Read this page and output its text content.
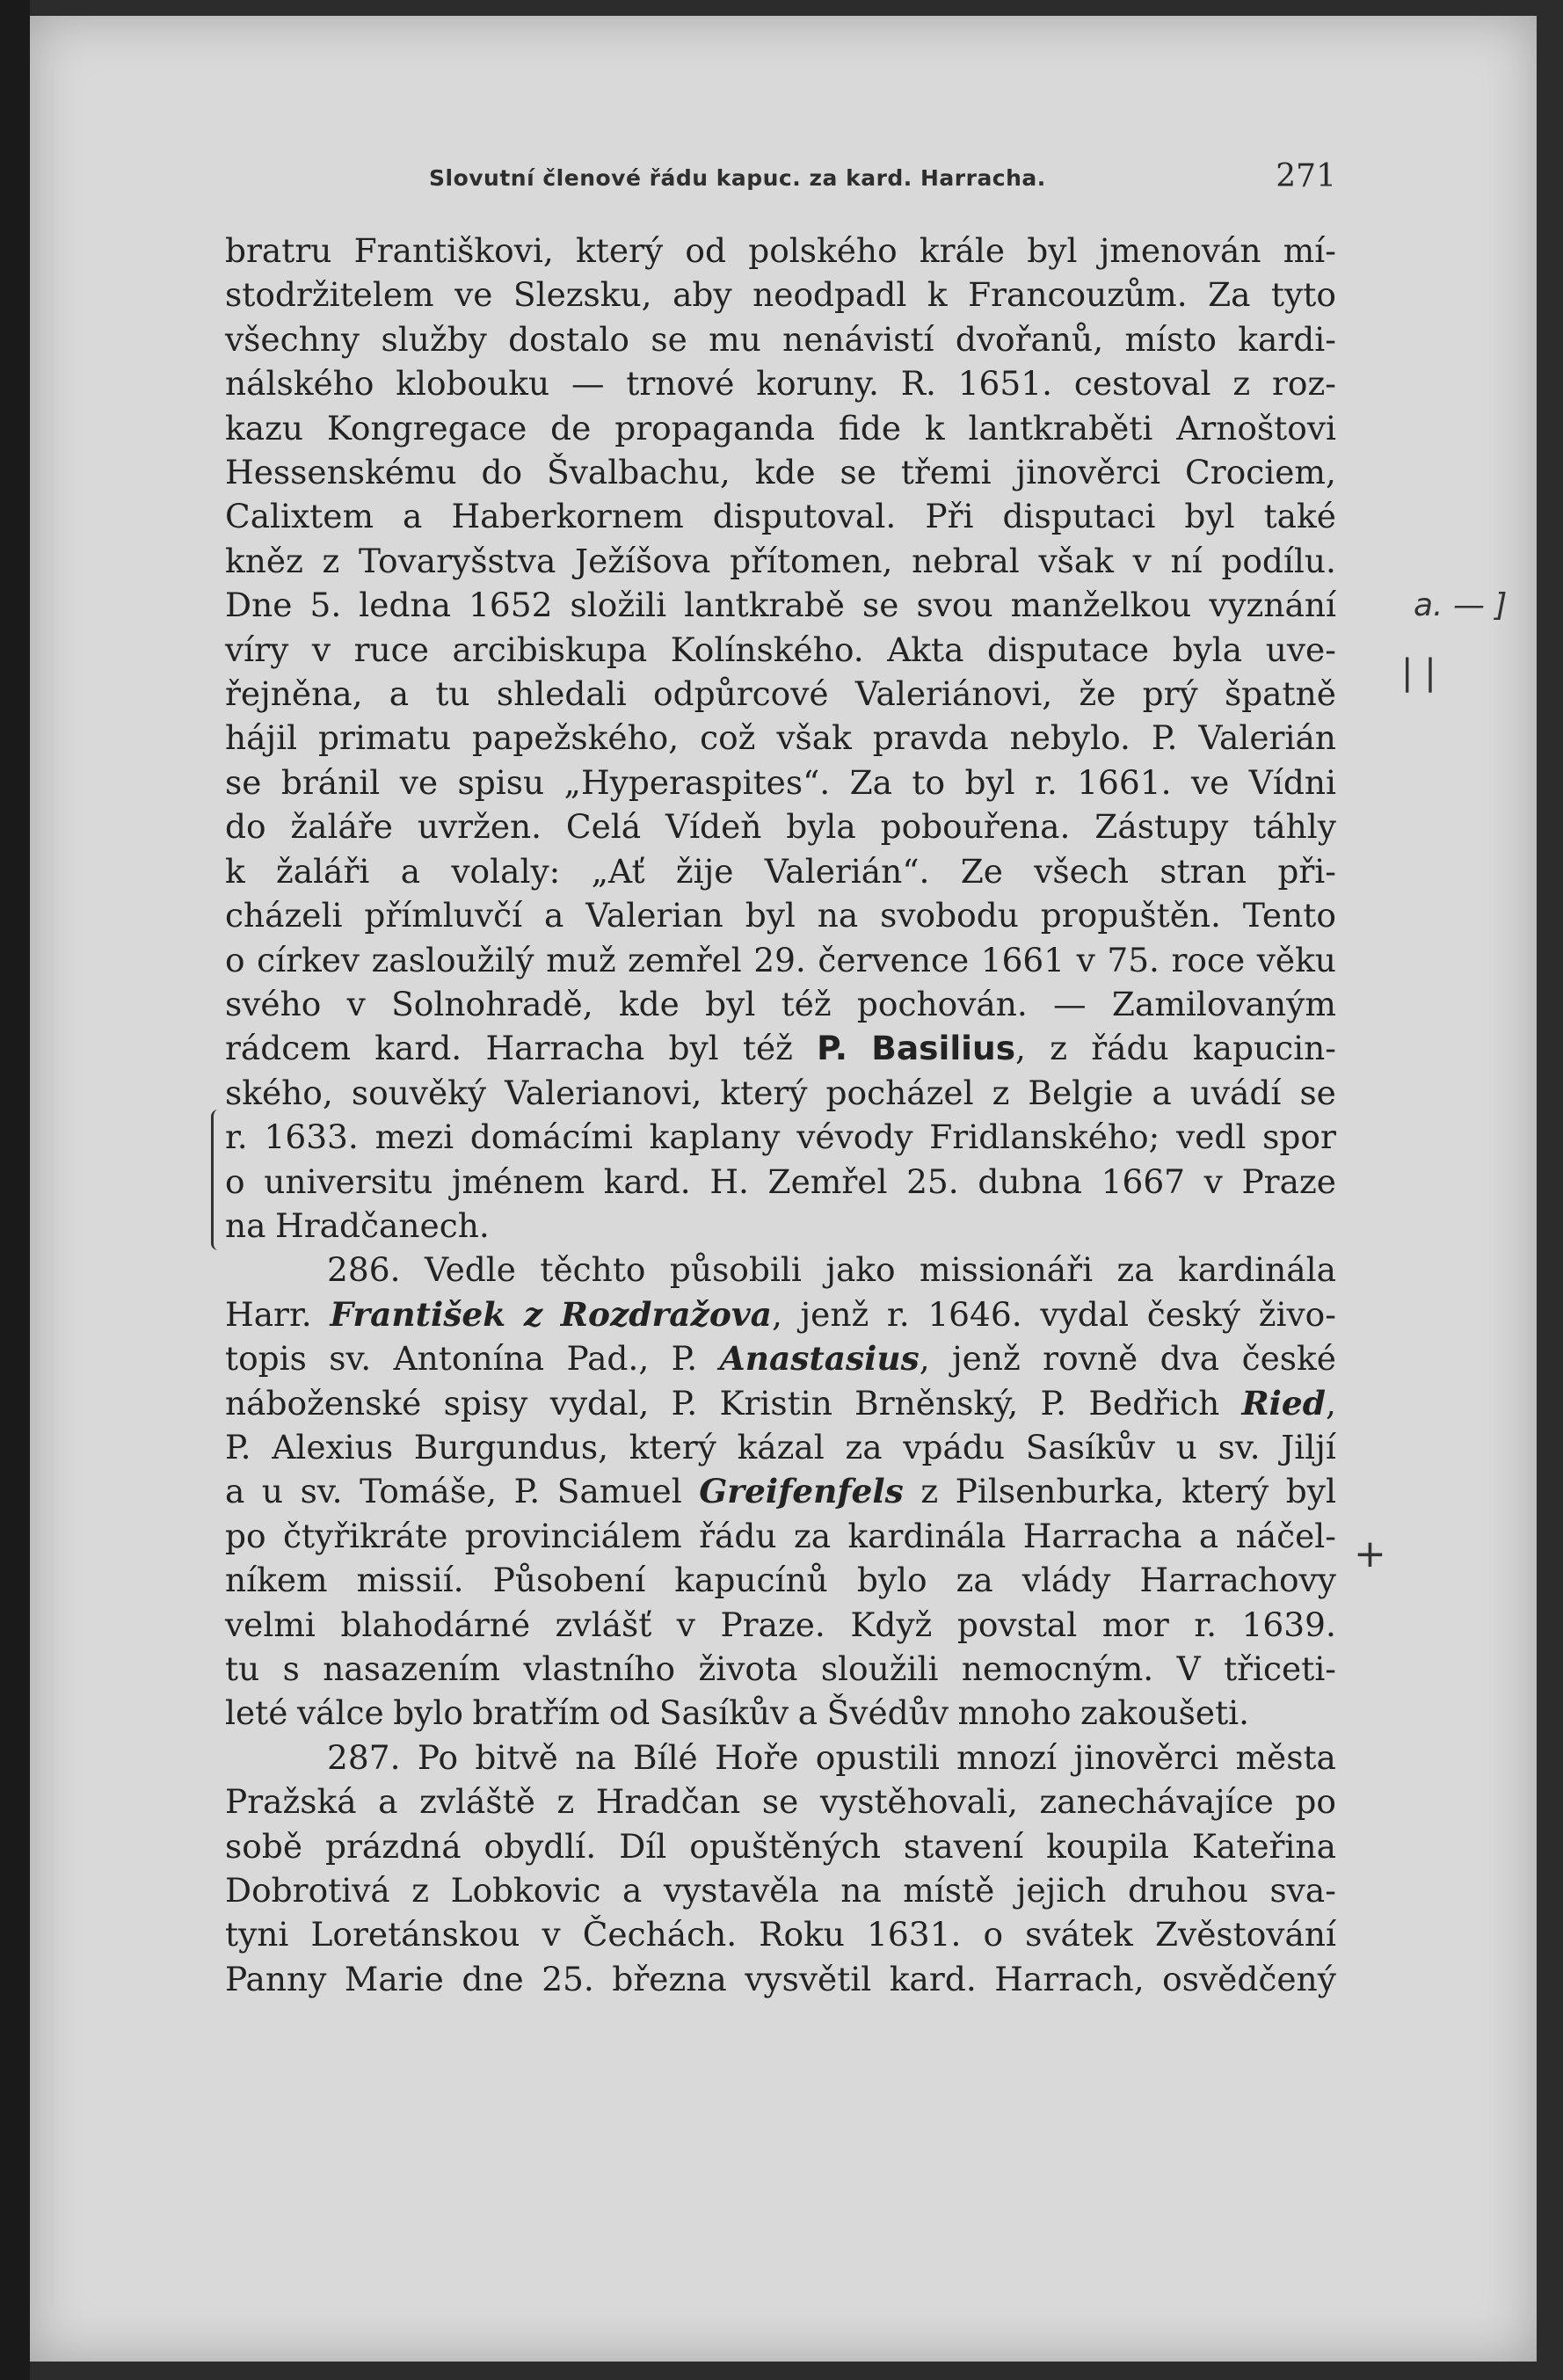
Slovutní členové řádu kapuc. za kard. Harracha.	271
bratru Františkovi, který od polského krále byl jmenován mí-
stodržitelem ve Slezsku, aby neodpadl k Francouzům. Za tyto
všechny služby dostalo se mu nenávistí dvořanů, místo kardi-
nálského klobouku — trnové koruny. R. 1651. cestoval z roz-
kazu Kongregace de propaganda fide k lantkraběti Arnoštovi
Hessenskému do Švalbachu, kde se třemi jinověrci Crociem,
Calixtem a Haberkornem disputoval. Při disputaci byl také
kněz z Tovaryšstva Ježíšova přítomen, nebral však v ní podílu.
Dne 5. ledna 1652 složili lantkrabě se svou manželkou vyznání
víry v ruce arcibiskupa Kolínského. Akta disputace byla uve-
řejněna, a tu shledali odpůrcové Valeriánovi, že prý špatně
hájil primatu papežského, což však pravda nebylo. P. Valerián
se bránil ve spisu „Hyperaspites“. Za to byl r. 1661. ve Vídni
do žaláře uvržen. Celá Vídeň byla pobouřena. Zástupy táhly
k žaláři a volaly: „Ať žije Valerián“. Ze všech stran při-
cházeli přímluvčí a Valerian byl na svobodu propuštěn. Tento
o církev zasloužilý muž zemřel 29. července 1661 v 75. roce věku
svého v Solnohradě, kde byl též pochován. — Zamilovaným
rádcem kard. Harracha byl též P. Basilius, z řádu kapucin-
ského, souvěký Valerianovi, který pocházel z Belgie a uvádí se
r. 1633. mezi domácími kaplany vévody Fridlanského; vedl spor
o universitu jménem kard. H. Zemřel 25. dubna 1667 v Praze
na Hradčanech.
286. Vedle těchto působili jako missionáři za kardinála
Harr. František z Rozdražova, jenž r. 1646. vydal český živo-
topis sv. Antonína Pad., P. Anastasius, jenž rovně dva české
náboženské spisy vydal, P. Kristin Brněnský, P. Bedřich Ried,
P. Alexius Burgundus, který kázal za vpádu Sasíkův u sv. Jiljí
a u sv. Tomáše, P. Samuel Greifenfels z Pilsenburka, který byl
po čtyřikráte provinciálem řádu za kardinála Harracha a náčel-
níkem missií. Působení kapucínů bylo za vlády Harrachovy
velmi blahodárné zvlášť v Praze. Když povstal mor r. 1639.
tu s nasazením vlastního života sloužili nemocným. V třiceti-
leté válce bylo bratřím od Sasíkův a Švédův mnoho zakoušeti.
287. Po bitvě na Bílé Hoře opustili mnozí jinověrci města
Pražská a zvláště z Hradčan se vystěhovali, zanechávajíce po
sobě prázdná obydlí. Díl opuštěných stavení koupila Kateřina
Dobrotivá z Lobkovic a vystavěla na místě jejich druhou sva-
tyni Loretánskou v Čechách. Roku 1631. o svátek Zvěstování
Panny Marie dne 25. března vysvětil kard. Harrach, osvědčený
a. — ]
| |
+
